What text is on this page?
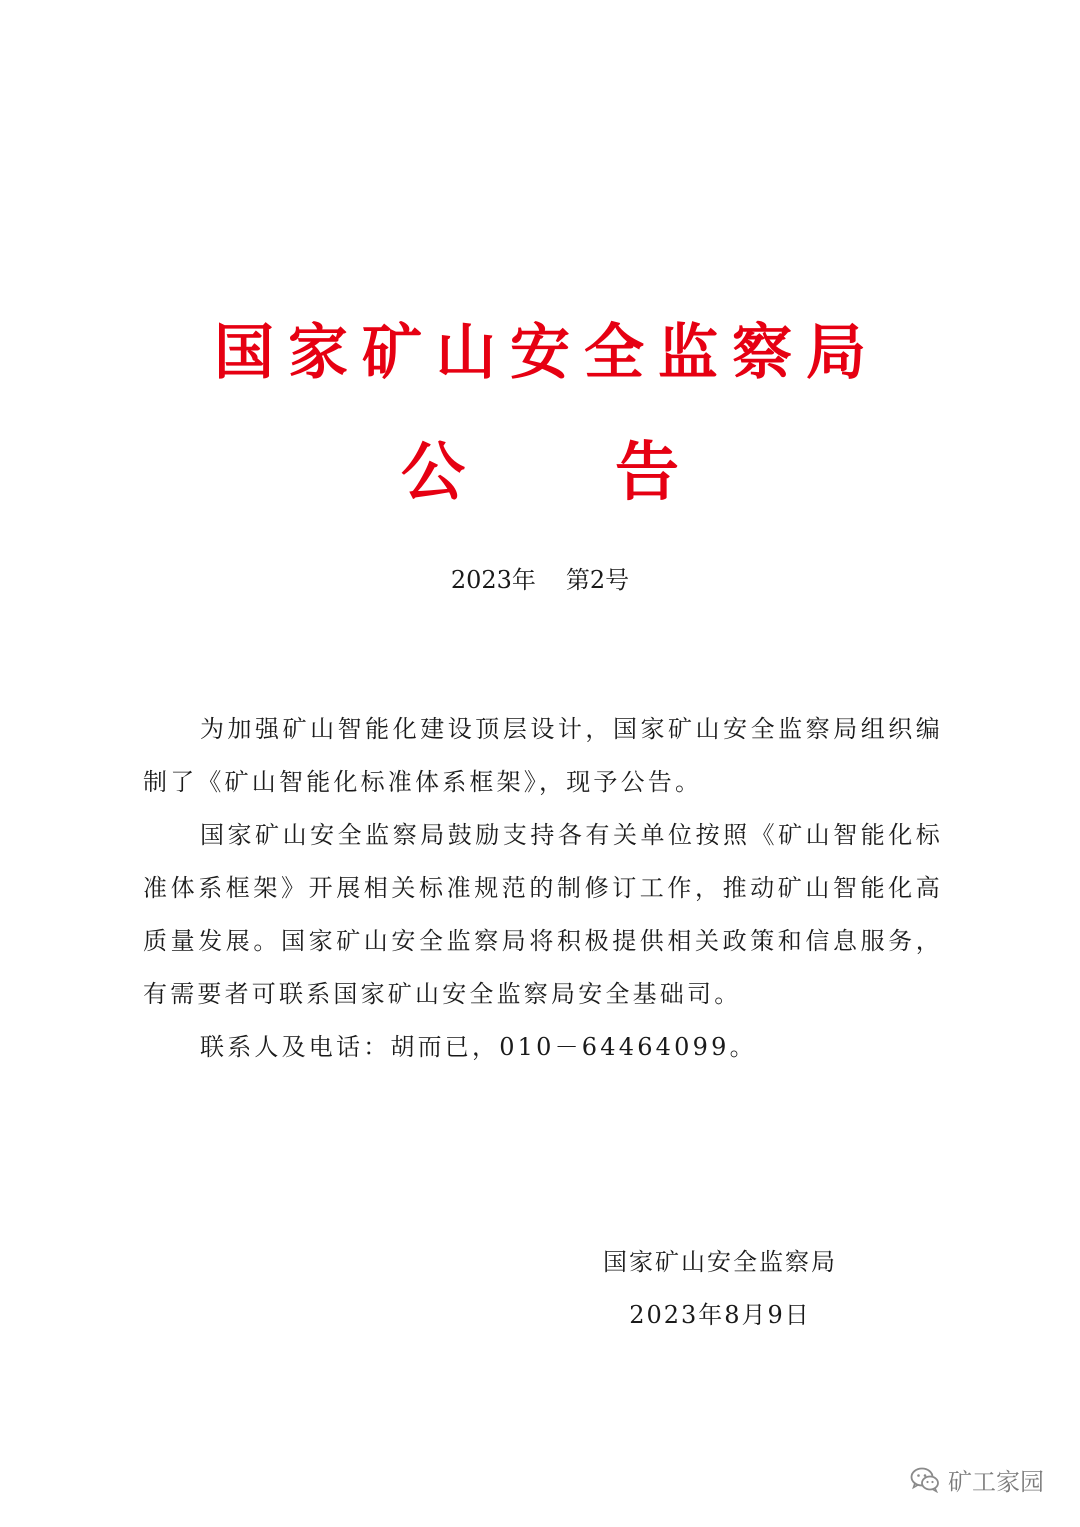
国家矿山安全监察局
公 告
2023年 第2号

为加强矿山智能化建设顶层设计，国家矿山安全监察局组织编制了《矿山智能化标准体系框架》，现予公告。

国家矿山安全监察局鼓励支持各有关单位按照《矿山智能化标准体系框架》开展相关标准规范的制修订工作，推动矿山智能化高质量发展。国家矿山安全监察局将积极提供相关政策和信息服务，有需要者可联系国家矿山安全监察局安全基础司。

联系人及电话：胡而已，010－64464099。

国家矿山安全监察局
2023年8月9日
矿工家园
